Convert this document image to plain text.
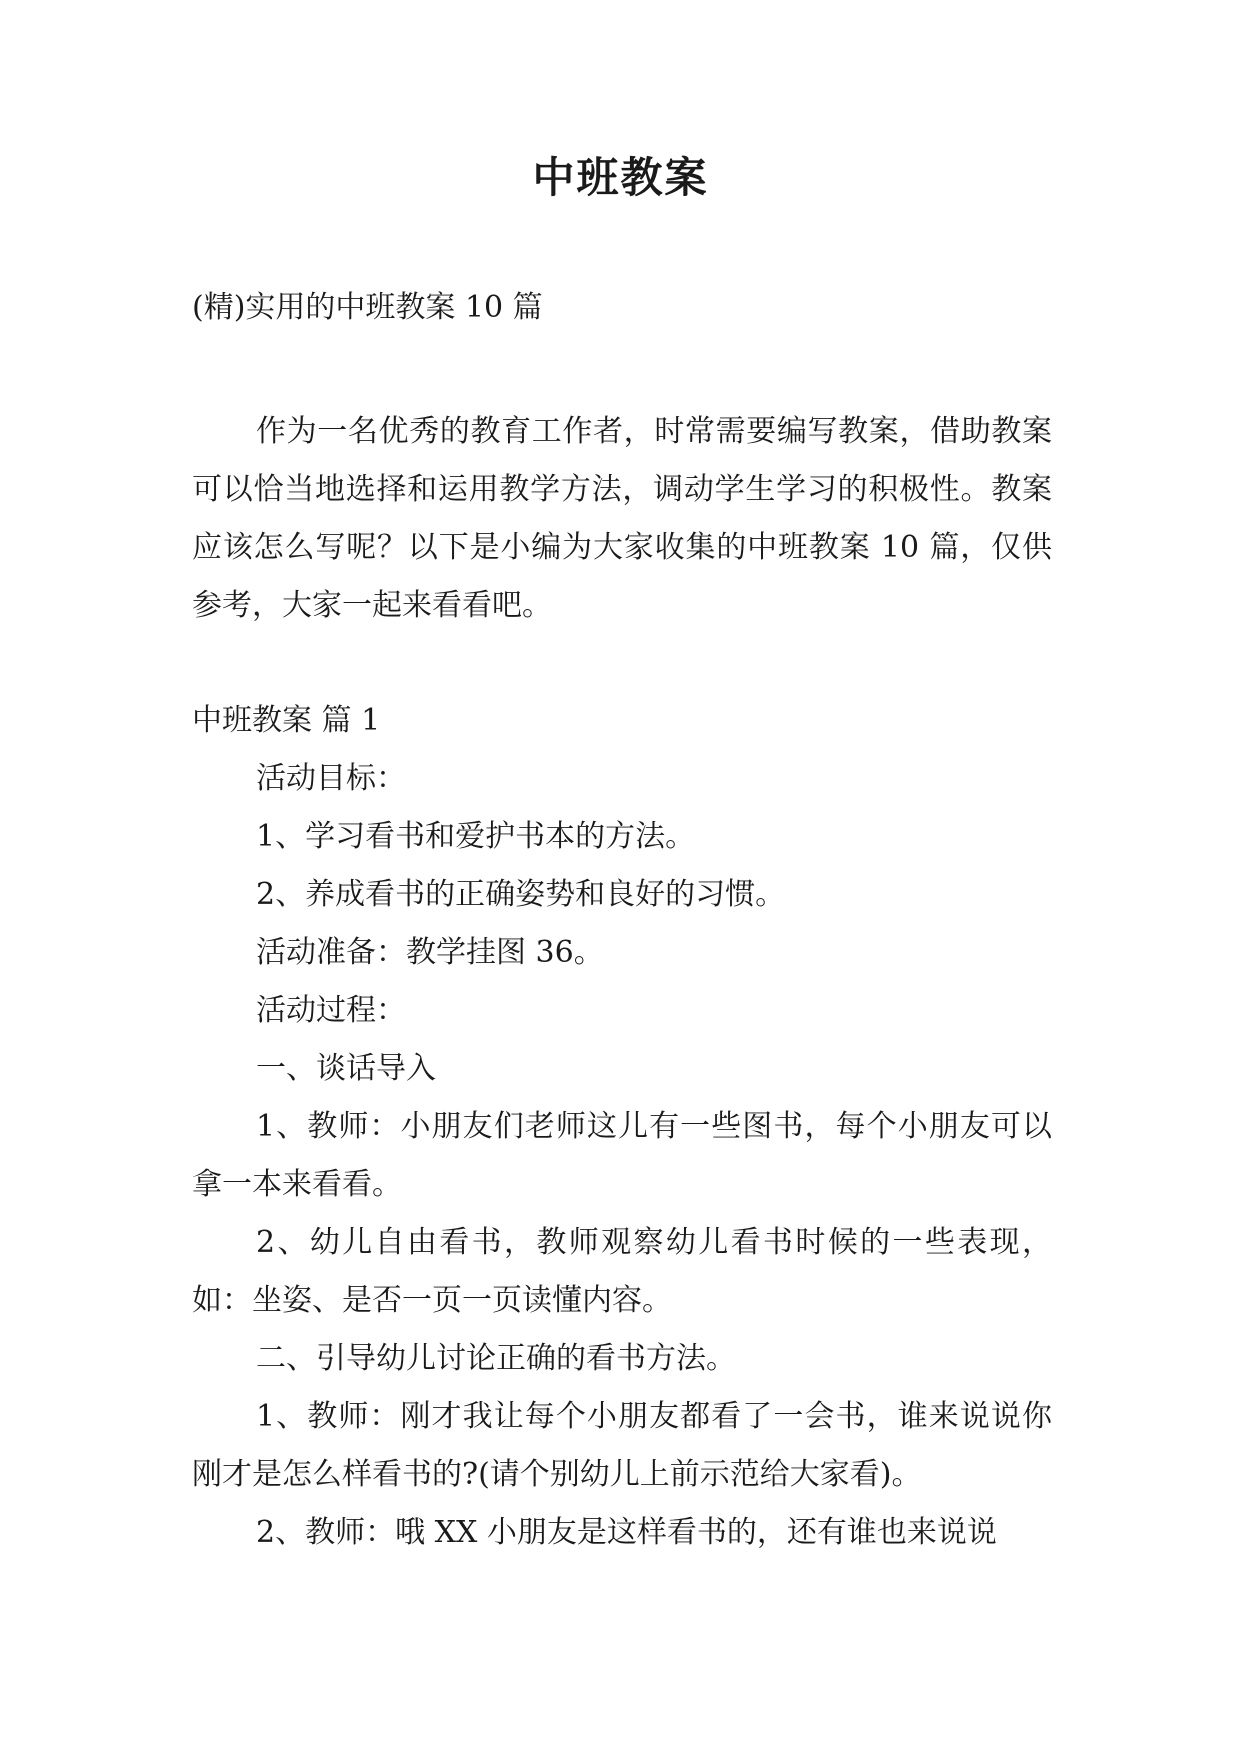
中班教案
(精)实用的中班教案 10 篇

作为一名优秀的教育工作者，时常需要编写教案，借助教案可以恰当地选择和运用教学方法，调动学生学习的积极性。教案应该怎么写呢？以下是小编为大家收集的中班教案 10 篇，仅供参考，大家一起来看看吧。

中班教案 篇 1

活动目标：

1、学习看书和爱护书本的方法。

2、养成看书的正确姿势和良好的习惯。

活动准备：教学挂图 36。

活动过程：

一、谈话导入

1、教师：小朋友们老师这儿有一些图书，每个小朋友可以拿一本来看看。

2、幼儿自由看书，教师观察幼儿看书时候的一些表现，如：坐姿、是否一页一页读懂内容。

二、引导幼儿讨论正确的看书方法。

1、教师：刚才我让每个小朋友都看了一会书，谁来说说你刚才是怎么样看书的?(请个别幼儿上前示范给大家看)。

2、教师：哦 XX 小朋友是这样看书的，还有谁也来说说
